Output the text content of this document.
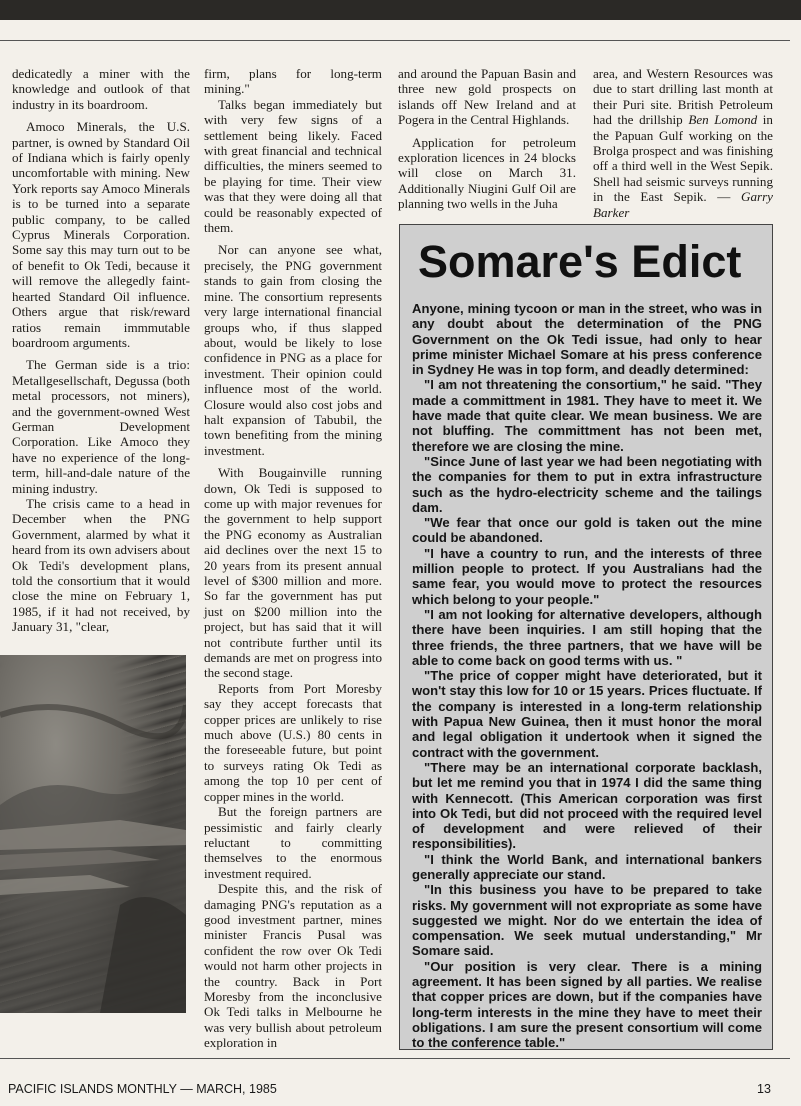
dedicatedly a miner with the knowledge and outlook of that industry in its boardroom.

Amoco Minerals, the U.S. partner, is owned by Standard Oil of Indiana which is fairly openly uncomfortable with mining. New York reports say Amoco Minerals is to be turned into a separate public company, to be called Cyprus Minerals Corporation. Some say this may turn out to be of benefit to Ok Tedi, because it will remove the allegedly faint-hearted Standard Oil influence. Others argue that risk/reward ratios remain immmutable boardroom arguments.

The German side is a trio: Metallgesellschaft, Degussa (both metal processors, not miners), and the government-owned West German Development Corporation. Like Amoco they have no experience of the long-term, hill-and-dale nature of the mining industry.

The crisis came to a head in December when the PNG Government, alarmed by what it heard from its own advisers about Ok Tedi's development plans, told the consortium that it would close the mine on February 1, 1985, if it had not received, by January 31, "clear,

firm, plans for long-term mining."

Talks began immediately but with very few signs of a settlement being likely. Faced with great financial and technical difficulties, the miners seemed to be playing for time. Their view was that they were doing all that could be reasonably expected of them.

Nor can anyone see what, precisely, the PNG government stands to gain from closing the mine. The consortium represents very large international financial groups who, if thus slapped about, would be likely to lose confidence in PNG as a place for investment. Their opinion could influence most of the world. Closure would also cost jobs and halt expansion of Tabubil, the town benefiting from the mining investment.

With Bougainville running down, Ok Tedi is supposed to come up with major revenues for the government to help support the PNG economy as Australian aid declines over the next 15 to 20 years from its present annual level of $300 million and more. So far the government has put just on $200 million into the project, but has said that it will not contribute further until its demands are met on progress into the second stage.

Reports from Port Moresby say they accept forecasts that copper prices are unlikely to rise much above (U.S.) 80 cents in the foreseeable future, but point to surveys rating Ok Tedi as among the top 10 per cent of copper mines in the world.

But the foreign partners are pessimistic and fairly clearly reluctant to committing themselves to the enormous investment required.

Despite this, and the risk of damaging PNG's reputation as a good investment partner, mines minister Francis Pusal was confident the row over Ok Tedi would not harm other projects in the country. Back in Port Moresby from the inconclusive Ok Tedi talks in Melbourne he was very bullish about petroleum exploration in

and around the Papuan Basin and three new gold prospects on islands off New Ireland and at Pogera in the Central Highlands.

Application for petroleum exploration licences in 24 blocks will close on March 31. Additionally Niugini Gulf Oil are planning two wells in the Juha

area, and Western Resources was due to start drilling last month at their Puri site. British Petroleum had the drillship Ben Lomond in the Papuan Gulf working on the Brolga prospect and was finishing off a third well in the West Sepik. Shell had seismic surveys running in the East Sepik. — Garry Barker

Somare's Edict

Anyone, mining tycoon or man in the street, who was in any doubt about the determination of the PNG Government on the Ok Tedi issue, had only to hear prime minister Michael Somare at his press conference in Sydney He was in top form, and deadly determined:

"I am not threatening the consortium," he said. "They made a committment in 1981. They have to meet it. We have made that quite clear. We mean business. We are not bluffing. The committment has not been met, therefore we are closing the mine.

"Since June of last year we had been negotiating with the companies for them to put in extra infrastructure such as the hydro-electricity scheme and the tailings dam.

"We fear that once our gold is taken out the mine could be abandoned.

"I have a country to run, and the interests of three million people to protect. If you Australians had the same fear, you would move to protect the resources which belong to your people."

"I am not looking for alternative developers, although there have been inquiries. I am still hoping that the three friends, the three partners, that we have will be able to come back on good terms with us. "

"The price of copper might have deteriorated, but it won't stay this low for 10 or 15 years. Prices fluctuate. If the company is interested in a long-term relationship with Papua New Guinea, then it must honor the moral and legal obligation it undertook when it signed the contract with the government.

"There may be an international corporate backlash, but let me remind you that in 1974 I did the same thing with Kennecott. (This American corporation was first into Ok Tedi, but did not proceed with the required level of development and were relieved of their responsibilities).

"I think the World Bank, and international bankers generally appreciate our stand.

"In this business you have to be prepared to take risks. My government will not expropriate as some have suggested we might. Nor do we entertain the idea of compensation. We seek mutual understanding," Mr Somare said.

"Our position is very clear. There is a mining agreement. It has been signed by all parties. We realise that copper prices are down, but if the companies have long-term interests in the mine they have to meet their obligations. I am sure the present consortium will come to the conference table."

PACIFIC ISLANDS MONTHLY — MARCH, 1985	13
